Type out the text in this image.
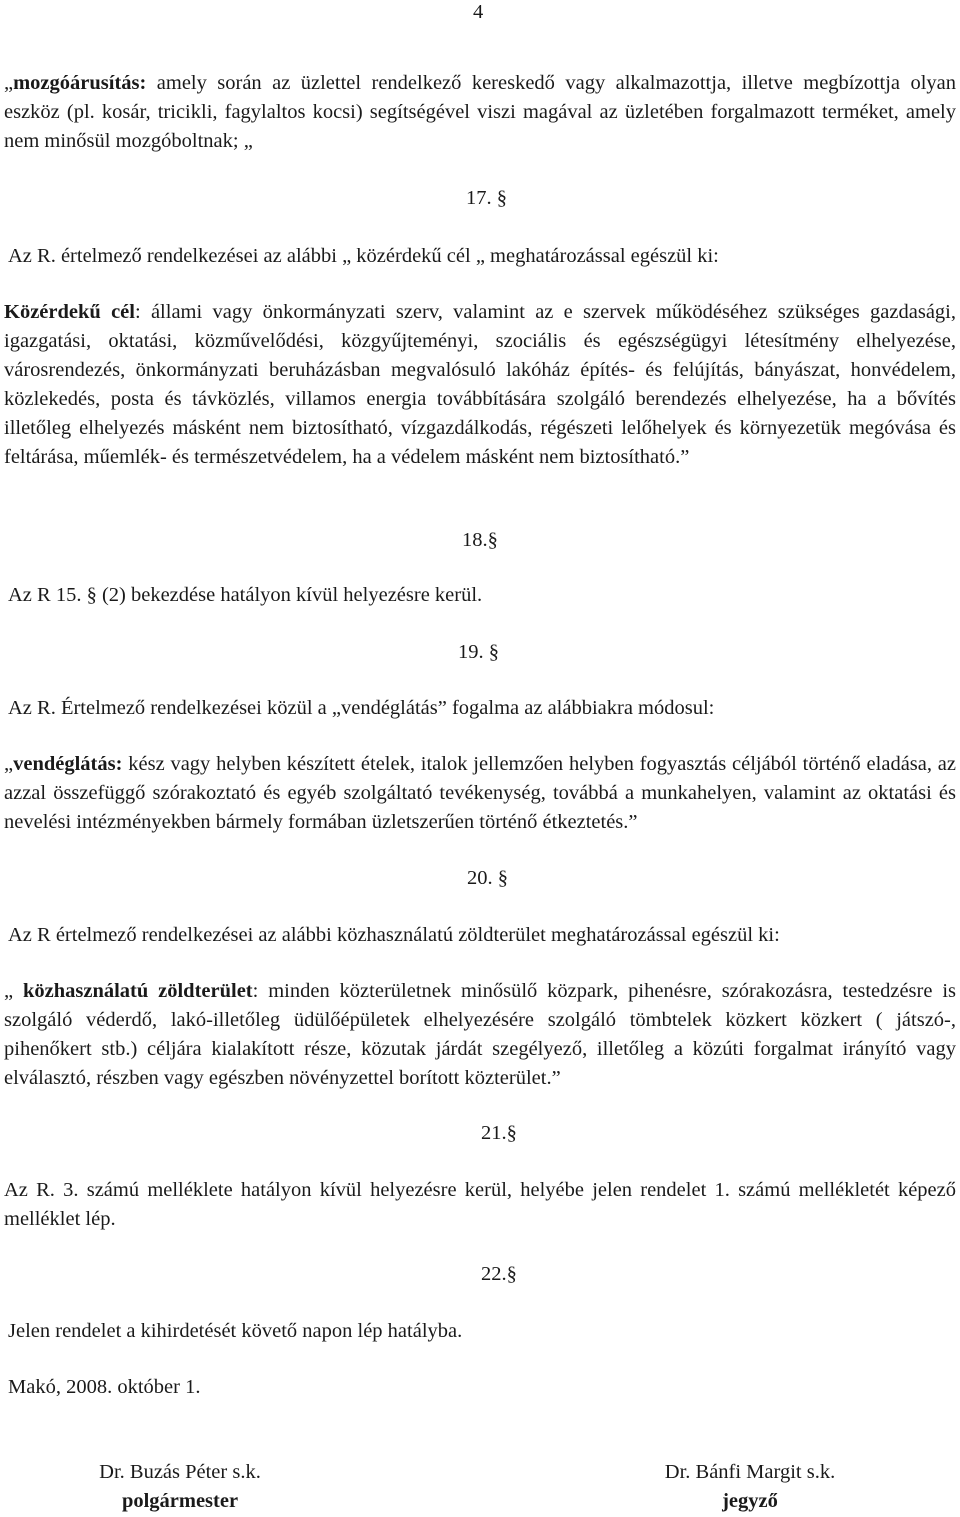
4
„mozgóárusítás: amely során az üzlettel rendelkező kereskedő vagy alkalmazottja, illetve megbízottja olyan eszköz (pl. kosár, tricikli, fagylaltos kocsi) segítségével viszi magával az üzletében forgalmazott terméket, amely nem minősül mozgóboltnak; „
17. §
Az R. értelmező rendelkezései az alábbi „ közérdekű cél „ meghatározással egészül ki:
Közérdekű cél: állami vagy önkormányzati szerv, valamint az e szervek működéséhez szükséges gazdasági, igazgatási, oktatási, közművelődési, közgyűjteményi, szociális és egészségügyi létesítmény elhelyezése, városrendezés, önkormányzati beruházásban megvalósuló lakóház építés- és felújítás, bányászat, honvédelem, közlekedés, posta és távközlés, villamos energia továbbítására szolgáló berendezés elhelyezése, ha a bővítés illetőleg elhelyezés másként nem biztosítható, vízgazdálkodás, régészeti lelőhelyek és környezetük megóvása és feltárása, műemlék- és természetvédelem, ha a védelem másként nem biztosítható.”
18.§
Az R 15. § (2) bekezdése hatályon kívül helyezésre kerül.
19. §
Az R. Értelmező rendelkezései közül a „vendéglátás” fogalma az alábbiakra módosul:
„vendéglátás: kész vagy helyben készített ételek, italok jellemzően helyben fogyasztás céljából történő eladása, az azzal összefüggő szórakoztató és egyéb szolgáltató tevékenység, továbbá a munkahelyen, valamint az oktatási és nevelési intézményekben bármely formában üzletszerűen történő étkeztetés.”
20. §
Az R értelmező rendelkezései az alábbi közhasználatú zöldterület meghatározással egészül ki:
„ közhasználatú zöldterület: minden közterületnek minősülő közpark, pihenésre, szórakozásra, testedzésre is szolgáló véderdő, lakó-illetőleg üdülőépületek elhelyezésére szolgáló tömbtelek közkert közkert ( játszó-, pihenőkert stb.) céljára kialakított része, közutak járdát szegélyező, illetőleg a közúti forgalmat irányító vagy elválasztó, részben vagy egészben növényzettel borított közterület.”
21.§
Az R. 3. számú melléklete hatályon kívül helyezésre kerül, helyébe jelen rendelet 1. számú mellékletét képező melléklet lép.
22.§
Jelen rendelet a kihirdetését követő napon lép hatályba.
Makó, 2008. október 1.
Dr. Buzás Péter s.k.
polgármester
Dr. Bánfi Margit s.k.
jegyző
